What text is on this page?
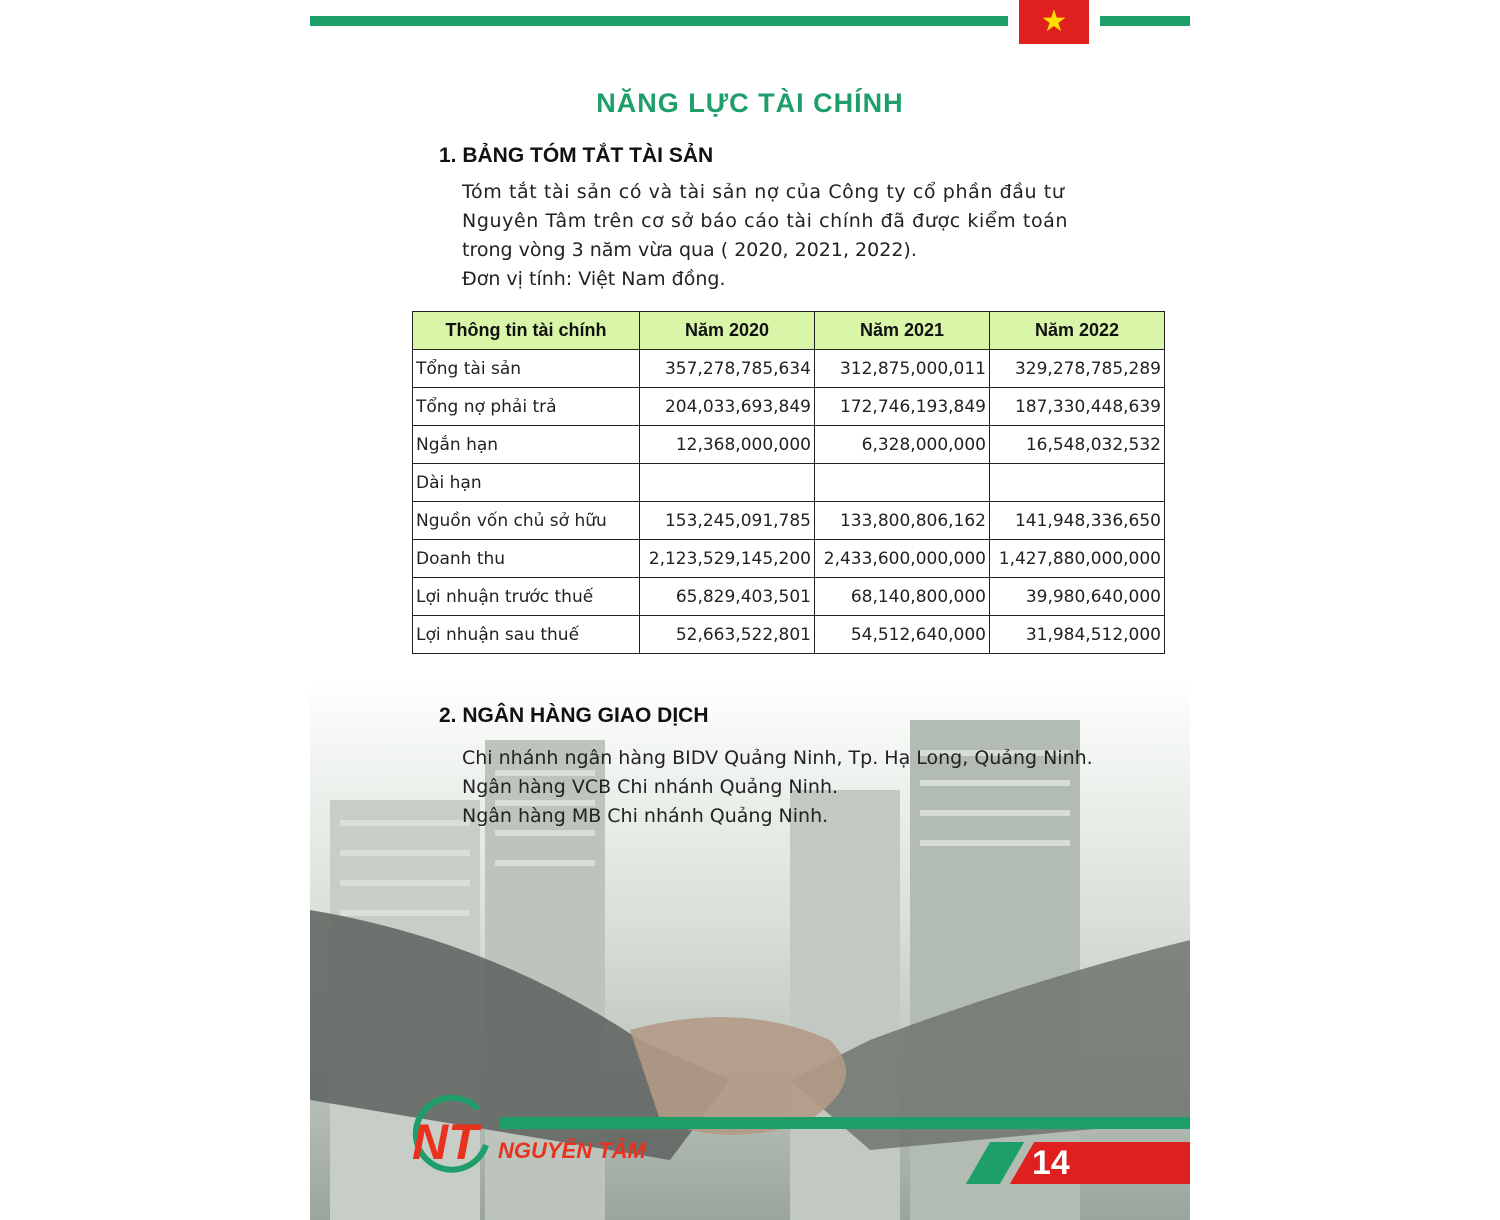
★
NĂNG LỰC TÀI CHÍNH
1. BẢNG TÓM TẮT TÀI SẢN

Tóm tắt tài sản có và tài sản nợ của Công ty cổ phần đầu tư

Nguyên Tâm trên cơ sở báo cáo tài chính đã được kiểm toán

trong vòng 3 năm vừa qua ( 2020, 2021, 2022).

Đơn vị tính: Việt Nam đồng.

Thông tin tài chính	Năm 2020	Năm 2021	Năm 2022
Tổng tài sản	357,278,785,634	312,875,000,011	329,278,785,289
Tổng nợ phải trả	204,033,693,849	172,746,193,849	187,330,448,639
Ngắn hạn	12,368,000,000	6,328,000,000	16,548,032,532
Dài hạn			
Nguồn vốn chủ sở hữu	153,245,091,785	133,800,806,162	141,948,336,650
Doanh thu	2,123,529,145,200	2,433,600,000,000	1,427,880,000,000
Lợi nhuận trước thuế	65,829,403,501	68,140,800,000	39,980,640,000
Lợi nhuận sau thuế	52,663,522,801	54,512,640,000	31,984,512,000
2. NGÂN HÀNG GIAO DỊCH

Chi nhánh ngân hàng BIDV Quảng Ninh, Tp. Hạ Long, Quảng Ninh.

Ngân hàng VCB Chi nhánh Quảng Ninh.

Ngân hàng MB Chi nhánh Quảng Ninh.

NT NGUYÊN TÂM	14
